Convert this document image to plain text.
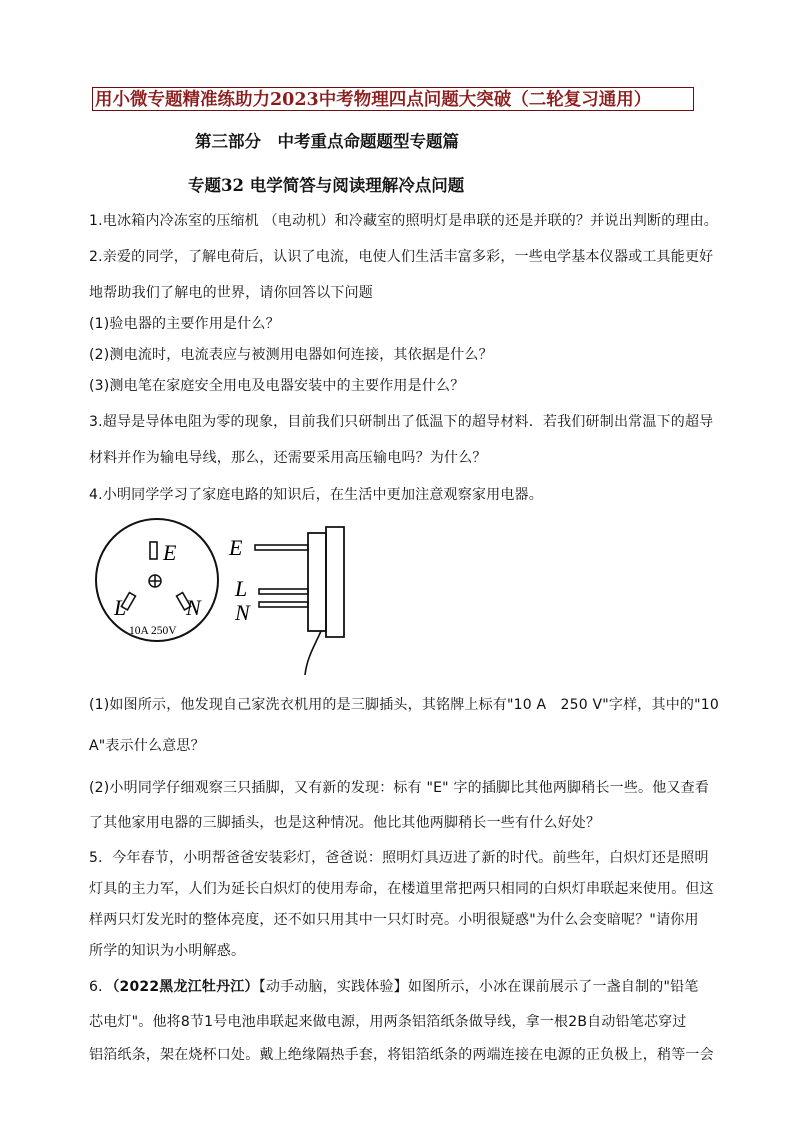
用小微专题精准练助力2023中考物理四点问题大突破（二轮复习通用）
第三部分　中考重点命题题型专题篇
专题32 电学简答与阅读理解冷点问题
1.电冰箱内冷冻室的压缩机 （电动机）和冷藏室的照明灯是串联的还是并联的？并说出判断的理由。
2.亲爱的同学，了解电荷后，认识了电流，电使人们生活丰富多彩，一些电学基本仪器或工具能更好
地帮助我们了解电的世界，请你回答以下问题
(1)验电器的主要作用是什么？
(2)测电流时，电流表应与被测用电器如何连接，其依据是什么？
(3)测电笔在家庭安全用电及电器安装中的主要作用是什么？
3.超导是导体电阻为零的现象，目前我们只研制出了低温下的超导材料．若我们研制出常温下的超导
材料并作为输电导线，那么，还需要采用高压输电吗？为什么？
4.小明同学学习了家庭电路的知识后，在生活中更加注意观察家用电器。
E
L	N
10A 250V
E
L
N
(1)如图所示，他发现自己家洗衣机用的是三脚插头，其铭牌上标有"10 A　250 V"字样，其中的"10
A"表示什么意思？
(2)小明同学仔细观察三只插脚，又有新的发现：标有 "E" 字的插脚比其他两脚稍长一些。他又查看
了其他家用电器的三脚插头，也是这种情况。他比其他两脚稍长一些有什么好处？
5．今年春节，小明帮爸爸安装彩灯，爸爸说：照明灯具迈进了新的时代。前些年，白炽灯还是照明
灯具的主力军，人们为延长白炽灯的使用寿命，在楼道里常把两只相同的白炽灯串联起来使用。但这
样两只灯发光时的整体亮度，还不如只用其中一只灯时亮。小明很疑惑"为什么会变暗呢？"请你用
所学的知识为小明解惑。
6．（2022黑龙江牡丹江）【动手动脑，实践体验】如图所示，小冰在课前展示了一盏自制的"铅笔
芯电灯"。他将8节1号电池串联起来做电源，用两条铝箔纸条做导线，拿一根2B自动铅笔芯穿过
铝箔纸条，架在烧杯口处。戴上绝缘隔热手套，将铝箔纸条的两端连接在电源的正负极上，稍等一会
